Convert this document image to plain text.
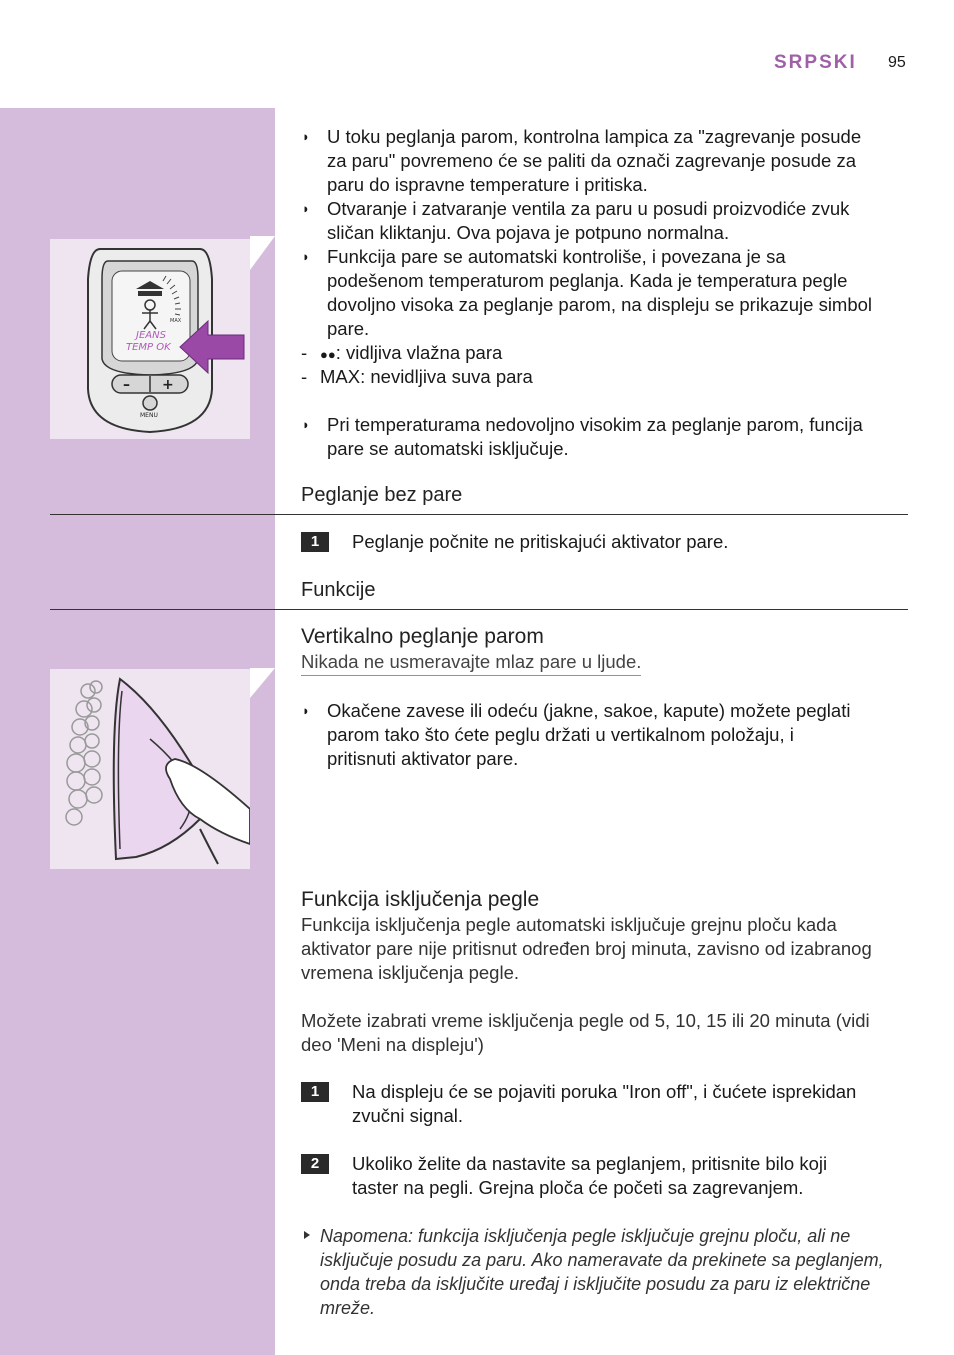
SRPSKI 95
MAX
JEANS
TEMP OK
– +
MENU
◗ U toku peglanja parom, kontrolna lampica za "zagrevanje posude
za paru" povremeno će se paliti da označi zagrevanje posude za
paru do ispravne temperature i pritiska.
◗ Otvaranje i zatvaranje ventila za paru u posudi proizvodiće zvuk
sličan kliktanju. Ova pojava je potpuno normalna.
◗ Funkcija pare se automatski kontroliše, i povezana je sa
podešenom temperaturom peglanja. Kada je temperatura pegle
dovoljno visoka za peglanje parom, na displeju se prikazuje simbol
pare.
- ●●: vidljiva vlažna para
- MAX: nevidljiva suva para
◗ Pri temperaturama nedovoljno visokim za peglanje parom, funcija
pare se automatski isključuje.
Peglanje bez pare
1	Peglanje počnite ne pritiskajući aktivator pare.
Funkcije
Vertikalno peglanje parom
Nikada ne usmeravajte mlaz pare u ljude.
◗ Okačene zavese ili odeću (jakne, sakoe, kapute) možete peglati
parom tako što ćete peglu držati u vertikalnom položaju, i
pritisnuti aktivator pare.
Funkcija isključenja pegle
Funkcija isključenja pegle automatski isključuje grejnu ploču kada
aktivator pare nije pritisnut određen broj minuta, zavisno od izabranog
vremena isključenja pegle.
Možete izabrati vreme isključenja pegle od 5, 10, 15 ili 20 minuta (vidi
deo 'Meni na displeju')
1	Na displeju će se pojaviti poruka "Iron off", i čućete isprekidan
zvučni signal.
2	Ukoliko želite da nastavite sa peglanjem, pritisnite bilo koji
taster na pegli. Grejna ploča će početi sa zagrevanjem.
Napomena: funkcija isključenja pegle isključuje grejnu ploču, ali ne
isključuje posudu za paru. Ako nameravate da prekinete sa peglanjem,
onda treba da isključite uređaj i isključite posudu za paru iz električne
mreže.
